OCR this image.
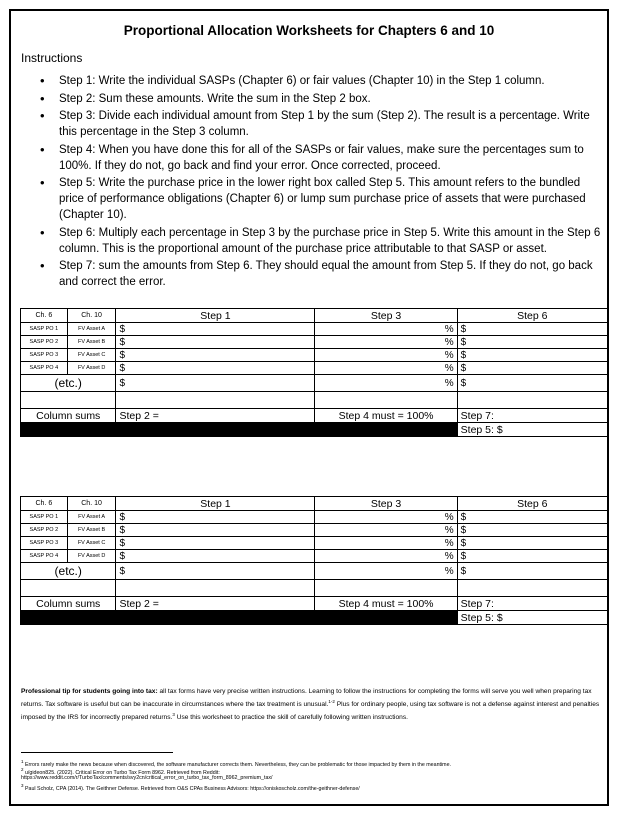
Proportional Allocation Worksheets for Chapters 6 and 10
Instructions
• Step 1: Write the individual SASPs (Chapter 6) or fair values (Chapter 10) in the Step 1 column.
• Step 2: Sum these amounts. Write the sum in the Step 2 box.
• Step 3: Divide each individual amount from Step 1 by the sum (Step 2). The result is a percentage. Write this percentage in the Step 3 column.
• Step 4: When you have done this for all of the SASPs or fair values, make sure the percentages sum to 100%. If they do not, go back and find your error. Once corrected, proceed.
• Step 5: Write the purchase price in the lower right box called Step 5. This amount refers to the bundled price of performance obligations (Chapter 6) or lump sum purchase price of assets that were purchased (Chapter 10).
• Step 6: Multiply each percentage in Step 3 by the purchase price in Step 5. Write this amount in the Step 6 column. This is the proportional amount of the purchase price attributable to that SASP or asset.
• Step 7: sum the amounts from Step 6. They should equal the amount from Step 5. If they do not, go back and correct the error.
Ch. 6	Ch. 10	Step 1	Step 3	Step 6
SASP PO 1	FV Asset A	$	%	$
SASP PO 2	FV Asset B	$	%	$
SASP PO 3	FV Asset C	$	%	$
SASP PO 4	FV Asset D	$	%	$
(etc.)		$	%	$

Column sums		Step 2 =	Step 4 must = 100%	Step 7:
				Step 5: $
Ch. 6	Ch. 10	Step 1	Step 3	Step 6
SASP PO 1	FV Asset A	$	%	$
SASP PO 2	FV Asset B	$	%	$
SASP PO 3	FV Asset C	$	%	$
SASP PO 4	FV Asset D	$	%	$
(etc.)		$	%	$

Column sums		Step 2 =	Step 4 must = 100%	Step 7:
				Step 5: $
Professional tip for students going into tax: all tax forms have very precise written instructions. Learning to follow the instructions for completing the forms will serve you well when preparing tax returns. Tax software is useful but can be inaccurate in circumstances where the tax treatment is unusual.$^{1-2}$ Plus for ordinary people, using tax software is not a defense against interest and penalties imposed by the IRS for incorrectly prepared returns.$^3$ Use this worksheet to practice the skill of carefully following written instructions.
$^1$ Errors rarely make the news because when discovered, the software manufacturer corrects them. Nevertheless, they can be problematic for those impacted by them in the meantime.
$^2$ u/gideon825. (2022). Critical Error on Turbo Tax Form 8962. Retrieved from Reddit:
https://www.reddit.com/r/TurboTax/comments/svy2cn/critical_error_on_turbo_tax_form_8962_premium_tax/
$^3$ Paul Scholz, CPA (2014). The Geithner Defense. Retrieved from O&S CPAs Business Advisors: https://oniskoscholz.com/the-geithner-defense/
